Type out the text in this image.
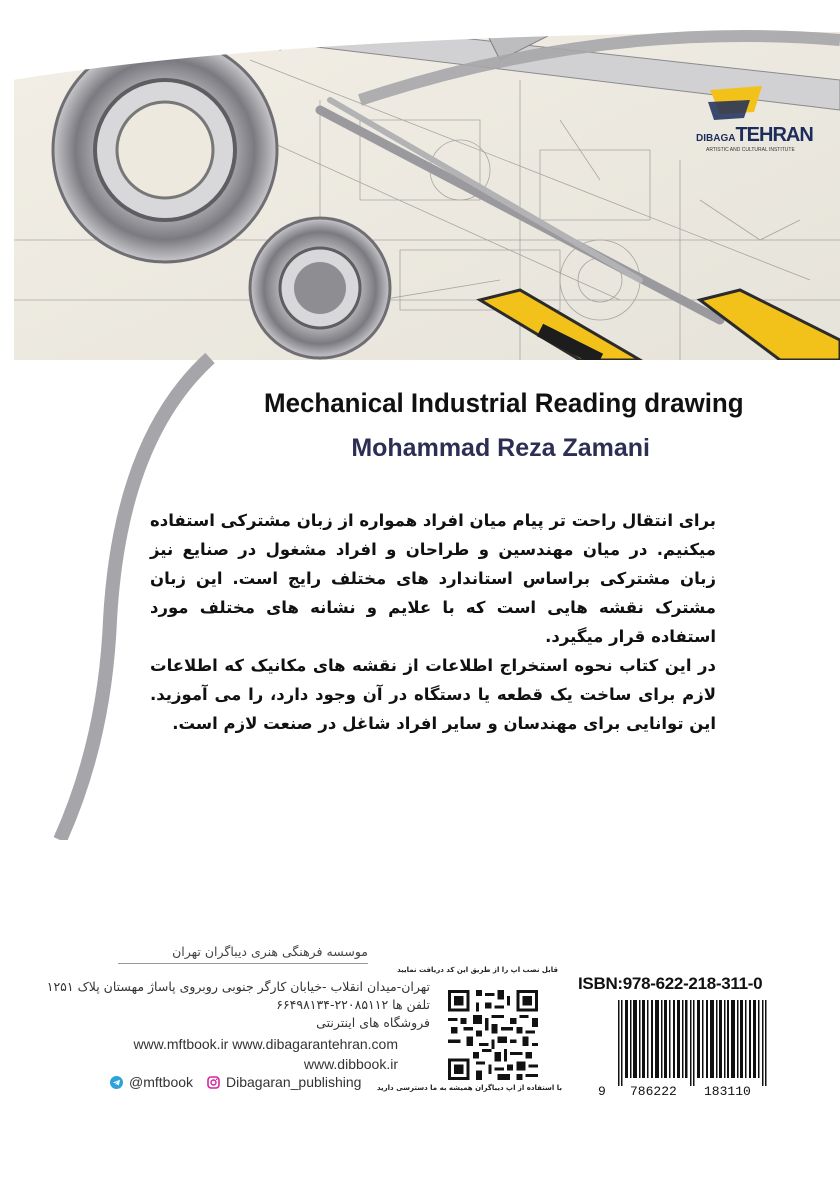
DIBAGATEHRAN
ARTISTIC AND CULTURAL INSTITUTE
Mechanical Industrial Reading drawing
Mohammad Reza Zamani

برای انتقال راحت تر پیام میان افراد همواره از زبان مشترکی استفاده میکنیم. در میان مهندسین و طراحان و افراد مشغول در صنایع نیز زبان مشترکی براساس استاندارد های مختلف رایج است. این زبان مشترک نقشه هایی است که با علایم و نشانه های مختلف مورد استفاده قرار میگیرد.

در این کتاب نحوه استخراج اطلاعات از نقشه های مکانیک که اطلاعات لازم برای ساخت یک قطعه یا دستگاه در آن وجود دارد، را می آموزید. این توانایی برای مهندسان و سایر افراد شاغل در صنعت لازم است.

موسسه فرهنگی هنری دیباگران تهران
تهران-میدان انقلاب -خیابان کارگر جنوبی روبروی پاساژ مهستان پلاک ۱۲۵۱
تلفن ها ۲۲۰۸۵۱۱۲-۶۶۴۹۸۱۳۴
فروشگاه های اینترنتی
www.mftbook.ir www.dibagarantehran.com
www.dibbook.ir
@mftbook Dibagaran_publishing
قابل نصب اپ را از طریق این کد دریافت نمایید
با استفاده از اپ دیباگران همیشه به ما دسترسی دارید
ISBN:978-622-218-311-0
9 786222 183110
